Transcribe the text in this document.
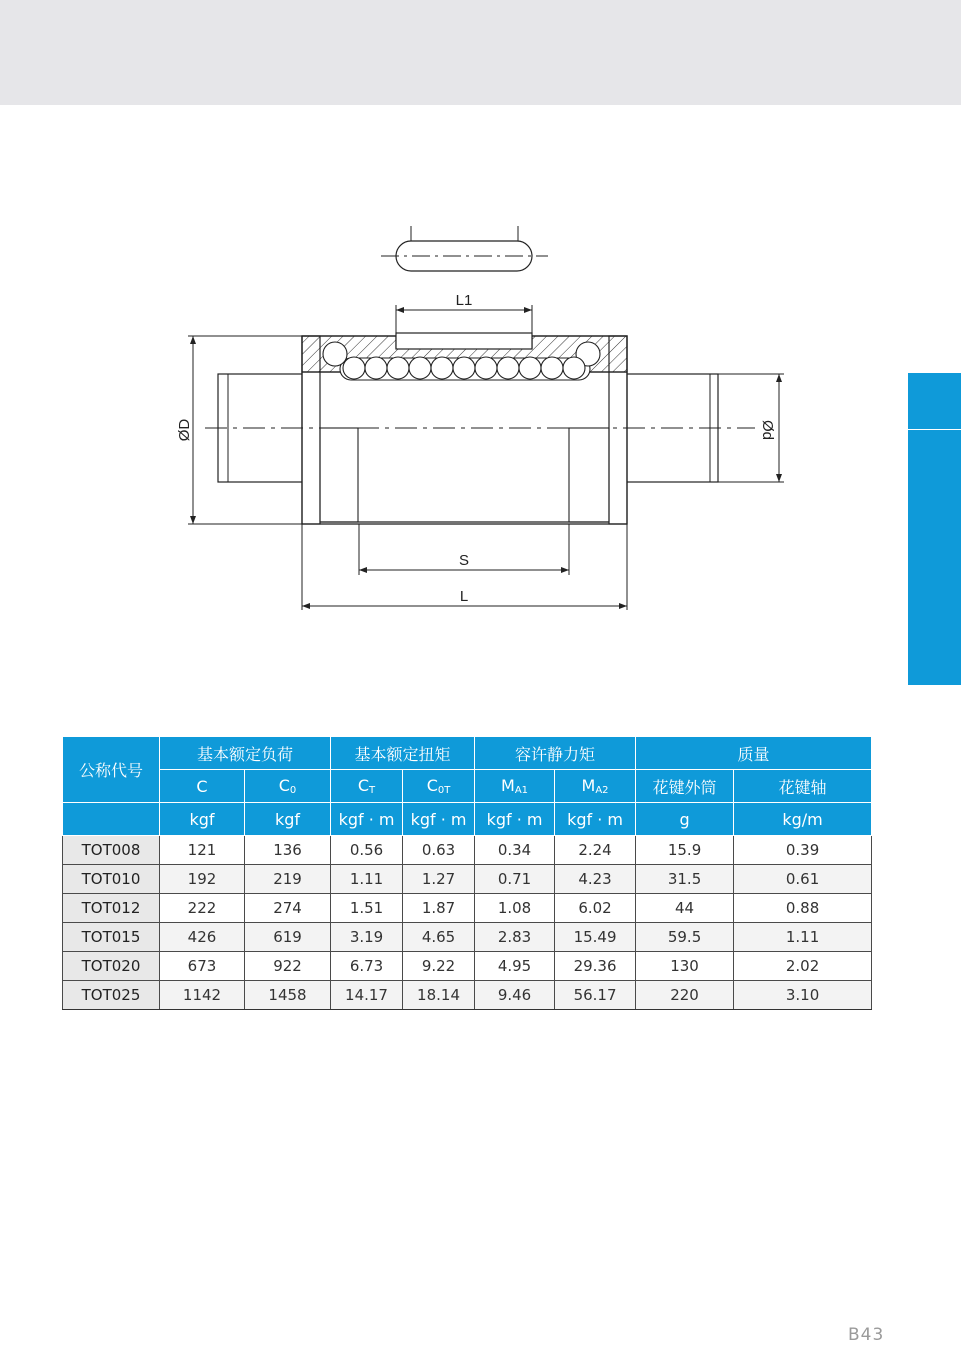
L1
ØD	Ød
S
L
公称代号	基本额定负荷		基本额定扭矩		容许静力矩		质量	
	C	$C_0$	$C_T$	$C_{0T}$	$M_{A1}$	$M_{A2}$	花键外筒	花键轴
	kgf	kgf	kgf · m	kgf · m	kgf · m	kgf · m	g	kg/m
TOT008	121	136	0.56	0.63	0.34	2.24	15.9	0.39
TOT010	192	219	1.11	1.27	0.71	4.23	31.5	0.61
TOT012	222	274	1.51	1.87	1.08	6.02	44	0.88
TOT015	426	619	3.19	4.65	2.83	15.49	59.5	1.11
TOT020	673	922	6.73	9.22	4.95	29.36	130	2.02
TOT025	1142	1458	14.17	18.14	9.46	56.17	220	3.10
B43
